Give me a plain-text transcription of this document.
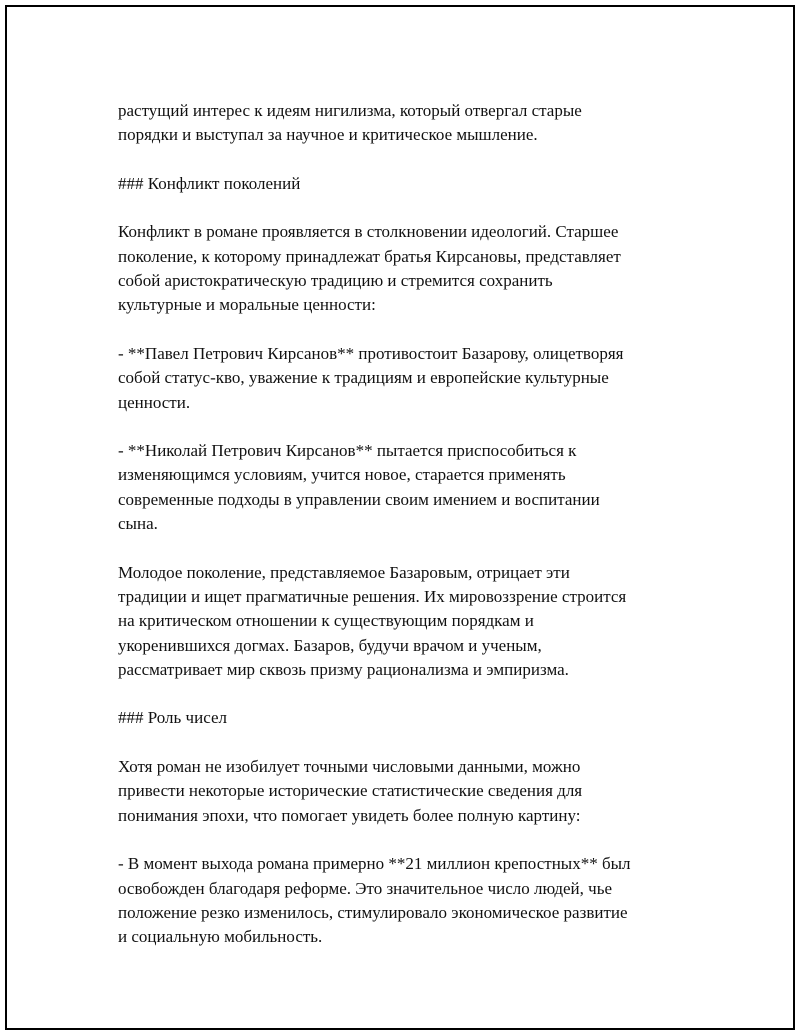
растущий интерес к идеям нигилизма, который отвергал старые
порядки и выступал за научное и критическое мышление.

### Конфликт поколений

Конфликт в романе проявляется в столкновении идеологий. Старшее
поколение, к которому принадлежат братья Кирсановы, представляет
собой аристократическую традицию и стремится сохранить
культурные и моральные ценности:

- **Павел Петрович Кирсанов** противостоит Базарову, олицетворяя
собой статус-кво, уважение к традициям и европейские культурные
ценности.

- **Николай Петрович Кирсанов** пытается приспособиться к
изменяющимся условиям, учится новое, старается применять
современные подходы в управлении своим имением и воспитании
сына.

Молодое поколение, представляемое Базаровым, отрицает эти
традиции и ищет прагматичные решения. Их мировоззрение строится
на критическом отношении к существующим порядкам и
укоренившихся догмах. Базаров, будучи врачом и ученым,
рассматривает мир сквозь призму рационализма и эмпиризма.

### Роль чисел

Хотя роман не изобилует точными числовыми данными, можно
привести некоторые исторические статистические сведения для
понимания эпохи, что помогает увидеть более полную картину:

- В момент выхода романа примерно **21 миллион крепостных** был
освобожден благодаря реформе. Это значительное число людей, чье
положение резко изменилось, стимулировало экономическое развитие
и социальную мобильность.
